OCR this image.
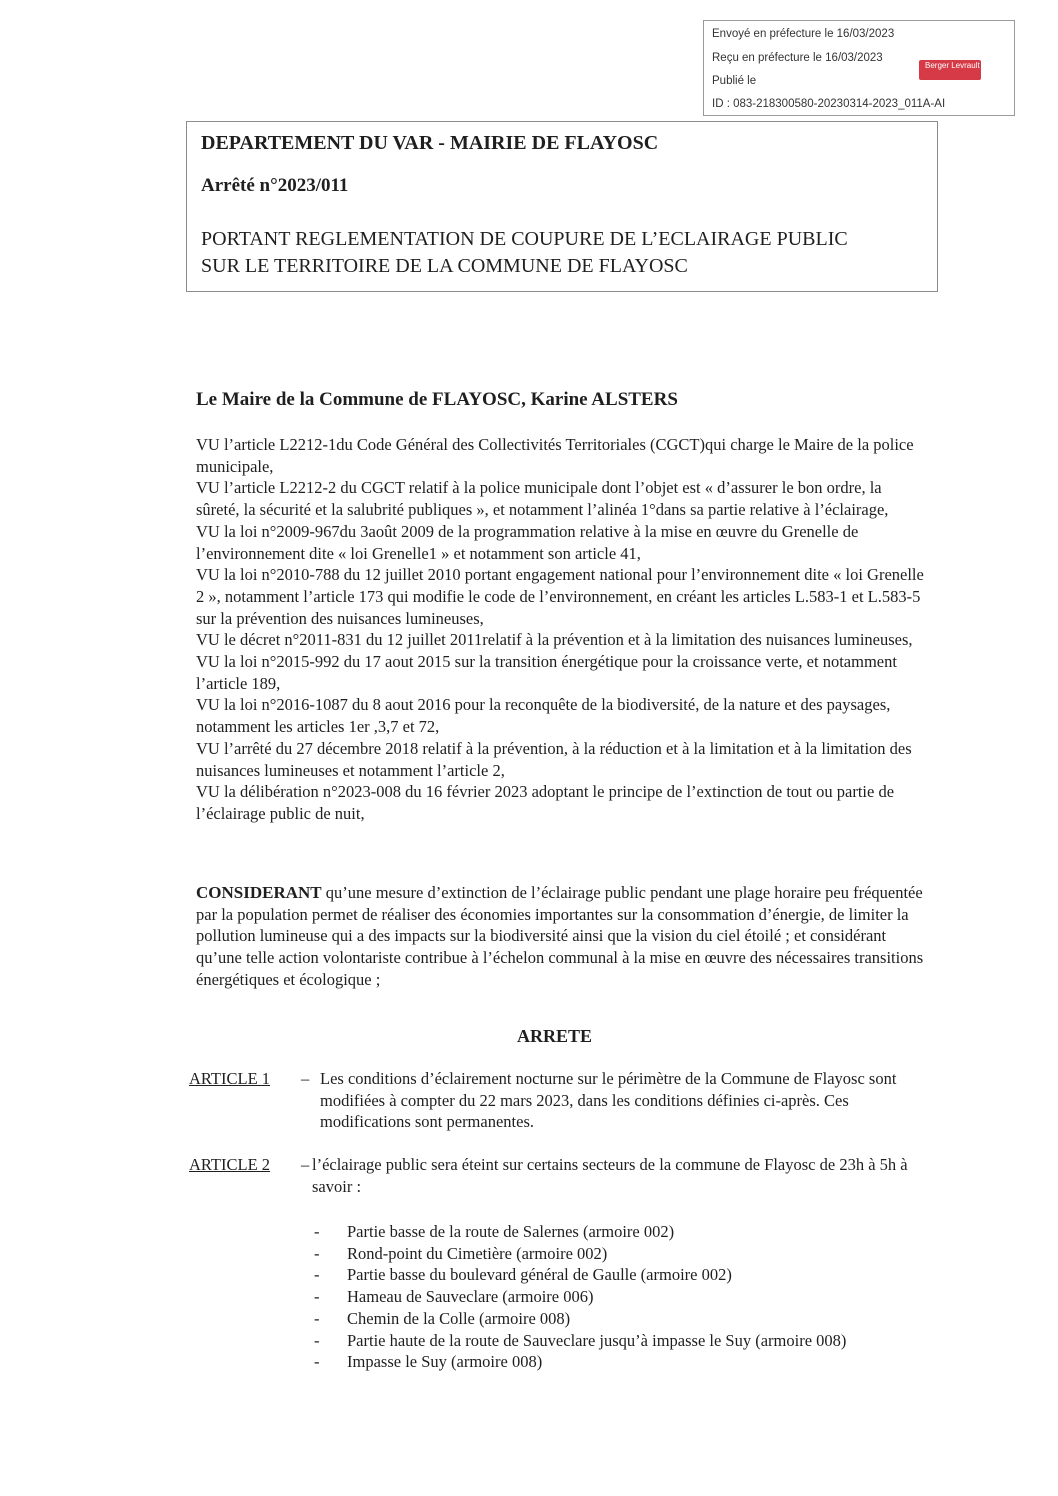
Envoyé en préfecture le 16/03/2023
Reçu en préfecture le 16/03/2023
Publié le
ID : 083-218300580-20230314-2023_011A-AI
Berger Levrault
DEPARTEMENT DU VAR - MAIRIE DE FLAYOSC
Arrêté n°2023/011
PORTANT REGLEMENTATION DE COUPURE DE L’ECLAIRAGE PUBLIC
SUR LE TERRITOIRE DE LA COMMUNE DE FLAYOSC
Le Maire de la Commune de FLAYOSC, Karine ALSTERS

VU l’article L2212-1du Code Général des Collectivités Territoriales (CGCT)qui charge le Maire de la police municipale,

VU l’article L2212-2 du CGCT relatif à la police municipale dont l’objet est « d’assurer le bon ordre, la sûreté, la sécurité et la salubrité publiques », et notamment l’alinéa 1°dans sa partie relative à l’éclairage,

VU la loi n°2009-967du 3août 2009 de la programmation relative à la mise en œuvre du Grenelle de l’environnement dite « loi Grenelle1 » et notamment son article 41,

VU la loi n°2010-788 du 12 juillet 2010 portant engagement national pour l’environnement dite « loi Grenelle 2 », notamment l’article 173 qui modifie le code de l’environnement, en créant les articles L.583-1 et L.583-5 sur la prévention des nuisances lumineuses,

VU le décret n°2011-831 du 12 juillet 2011relatif à la prévention et à la limitation des nuisances lumineuses,

VU la loi n°2015-992 du 17 aout 2015 sur la transition énergétique pour la croissance verte, et notamment l’article 189,

VU la loi n°2016-1087 du 8 aout 2016 pour la reconquête de la biodiversité, de la nature et des paysages, notamment les articles 1er ,3,7 et 72,

VU l’arrêté du 27 décembre 2018 relatif à la prévention, à la réduction et à la limitation et à la limitation des nuisances lumineuses et notamment l’article 2,

VU la délibération n°2023-008 du 16 février 2023 adoptant le principe de l’extinction de tout ou partie de l’éclairage public de nuit,

CONSIDERANT qu’une mesure d’extinction de l’éclairage public pendant une plage horaire peu fréquentée par la population permet de réaliser des économies importantes sur la consommation d’énergie, de limiter la pollution lumineuse qui a des impacts sur la biodiversité ainsi que la vision du ciel étoilé ; et considérant qu’une telle action volontariste contribue à l’échelon communal à la mise en œuvre des nécessaires transitions énergétiques et écologique ;
ARRETE
ARTICLE 1 – Les conditions d’éclairement nocturne sur le périmètre de la Commune de Flayosc sont modifiées à compter du 22 mars 2023, dans les conditions définies ci-après. Ces modifications sont permanentes.
ARTICLE 2 – l’éclairage public sera éteint sur certains secteurs de la commune de Flayosc de 23h à 5h à savoir :
- Partie basse de la route de Salernes (armoire 002)
- Rond-point du Cimetière (armoire 002)
- Partie basse du boulevard général de Gaulle (armoire 002)
- Hameau de Sauveclare (armoire 006)
- Chemin de la Colle (armoire 008)
- Partie haute de la route de Sauveclare jusqu’à impasse le Suy (armoire 008)
- Impasse le Suy (armoire 008)
